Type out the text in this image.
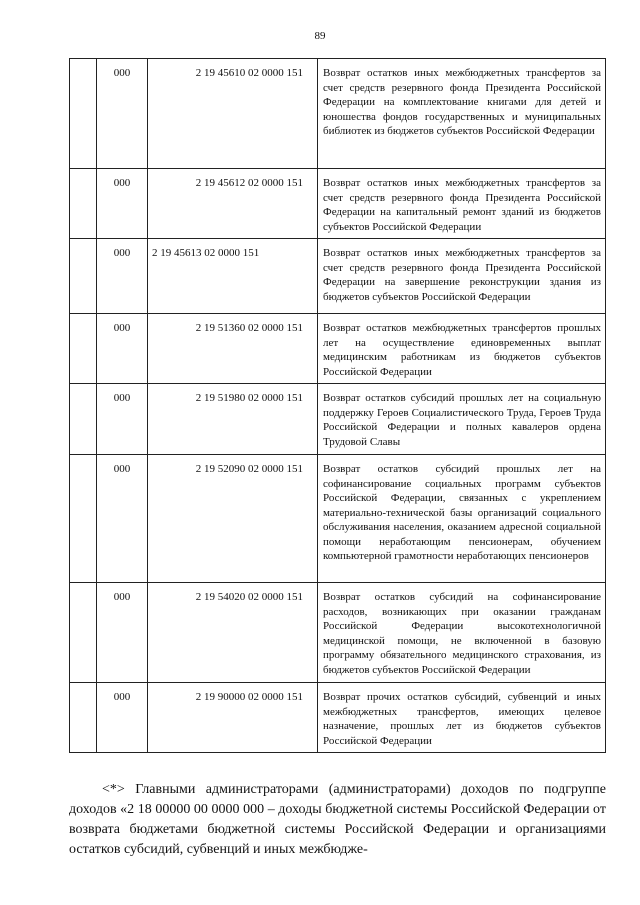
89
	000	2 19 45610 02 0000 151	Возврат остатков иных межбюджетных трансфертов за счет средств резервного фонда Президента Российской Федерации на комплектование книгами для детей и юношества фондов государственных и муниципальных библиотек из бюджетов субъектов Российской Федерации
	000	2 19 45612 02 0000 151	Возврат остатков иных межбюджетных трансфертов за счет средств резервного фонда Президента Российской Федерации на капитальный ремонт зданий из бюджетов субъектов Российской Федерации
	000	2 19 45613 02 0000 151	Возврат остатков иных межбюджетных трансфертов за счет средств резервного фонда Президента Российской Федерации на завершение реконструкции здания из бюджетов субъектов Российской Федерации
	000	2 19 51360 02 0000 151	Возврат остатков межбюджетных трансфертов прошлых лет на осуществление единовременных выплат медицинским работникам из бюджетов субъектов Российской Федерации
	000	2 19 51980 02 0000 151	Возврат остатков субсидий прошлых лет на социальную поддержку Героев Социалистического Труда, Героев Труда Российской Федерации и полных кавалеров ордена Трудовой Славы
	000	2 19 52090 02 0000 151	Возврат остатков субсидий прошлых лет на софинансирование социальных программ субъектов Российской Федерации, связанных с укреплением материально-технической базы организаций социального обслуживания населения, оказанием адресной социальной помощи неработающим пенсионерам, обучением компьютерной грамотности неработающих пенсионеров
	000	2 19 54020 02 0000 151	Возврат остатков субсидий на софинансирование расходов, возникающих при оказании гражданам Российской Федерации высокотехнологичной медицинской помощи, не включенной в базовую программу обязательного медицинского страхования, из бюджетов субъектов Российской Федерации
	000	2 19 90000 02 0000 151	Возврат прочих остатков субсидий, субвенций и иных межбюджетных трансфертов, имеющих целевое назначение, прошлых лет из бюджетов субъектов Российской Федерации

<*> Главными администраторами (администраторами) доходов по подгруппе доходов «2 18 00000 00 0000 000 – доходы бюджетной системы Российской Федерации от возврата бюджетами бюджетной системы Российской Федерации и организациями остатков субсидий, субвенций и иных межбюдже-
